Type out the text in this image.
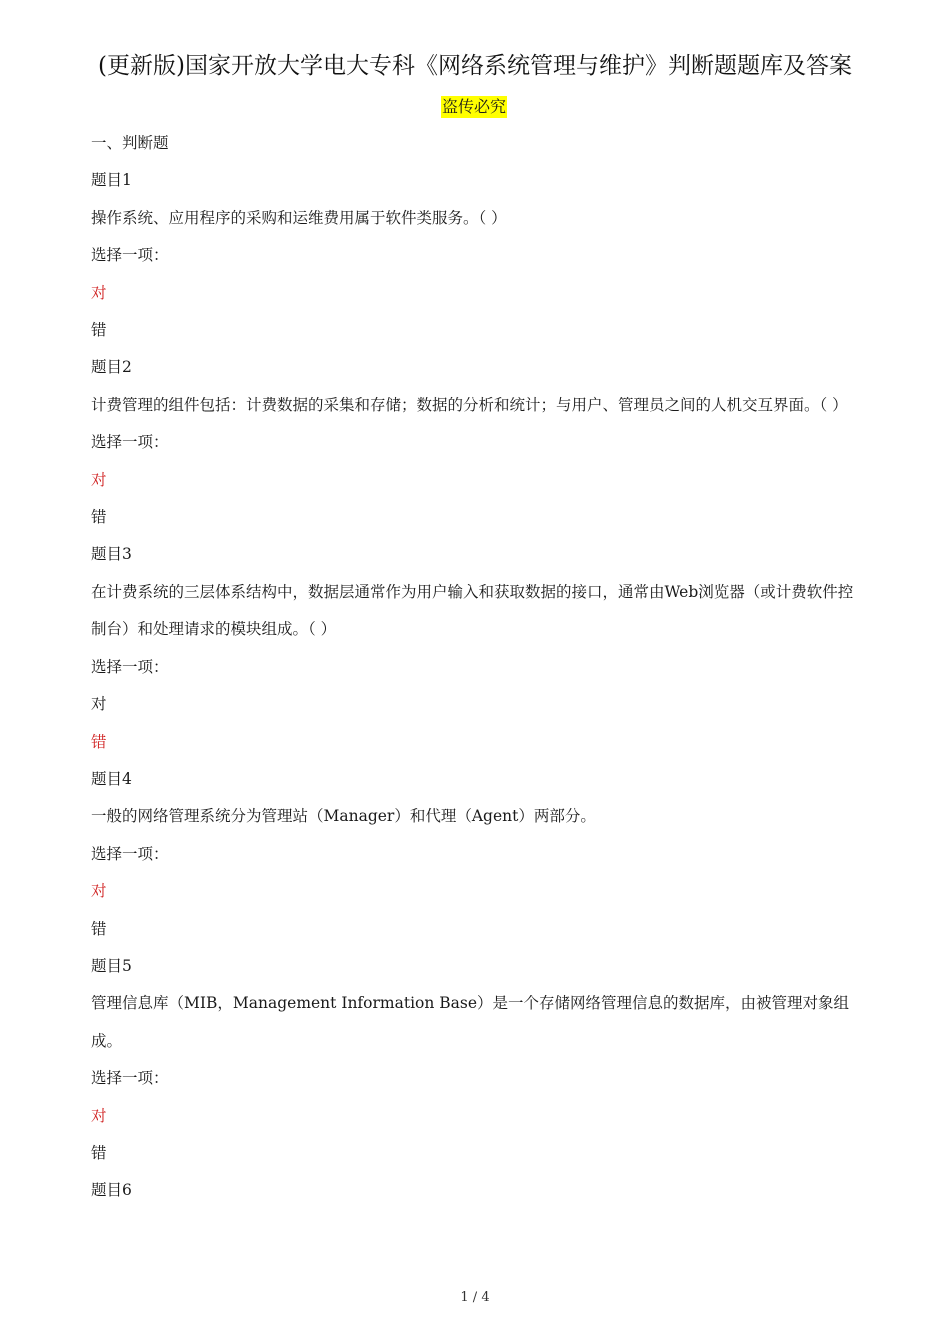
(更新版)国家开放大学电大专科《网络系统管理与维护》判断题题库及答案
盗传必究

一、判断题

题目1

操作系统、应用程序的采购和运维费用属于软件类服务。（ ）

选择一项：

对

错

题目2

计费管理的组件包括：计费数据的采集和存储；数据的分析和统计；与用户、管理员之间的人机交互界面。（ ）

选择一项：

对

错

题目3

在计费系统的三层体系结构中，数据层通常作为用户输入和获取数据的接口，通常由Web浏览器（或计费软件控制台）和处理请求的模块组成。（ ）

选择一项：

对

错

题目4

一般的网络管理系统分为管理站（Manager）和代理（Agent）两部分。

选择一项：

对

错

题目5

管理信息库（MIB，Management Information Base）是一个存储网络管理信息的数据库，由被管理对象组成。

选择一项：

对

错

题目6

1 / 4
